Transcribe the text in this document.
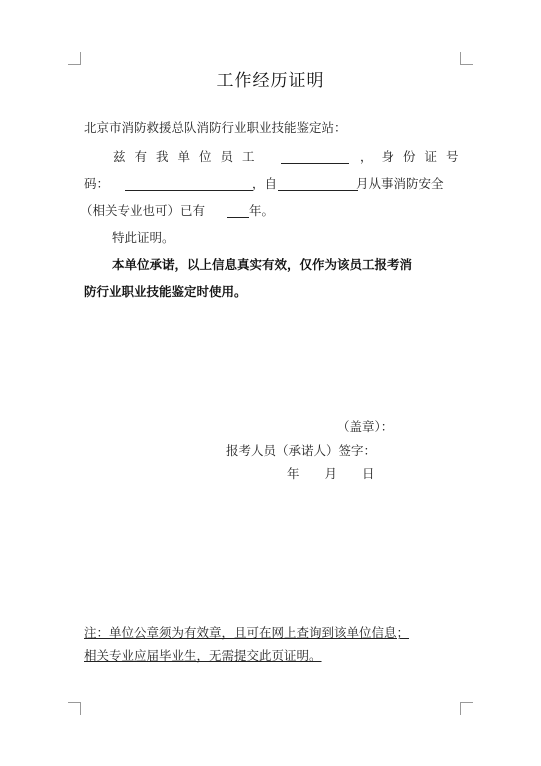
工作经历证明
北京市消防救援总队消防行业职业技能鉴定站：
兹有我单位员工	，身份证号
码：	，自	月从事消防安全
（相关专业也可）已有	年。
特此证明。
本单位承诺，以上信息真实有效，仅作为该员工报考消
防行业职业技能鉴定时使用。
（盖章）：
报考人员（承诺人）签字：
年　　月　　日
注：单位公章须为有效章，且可在网上查询到该单位信息；
相关专业应届毕业生，无需提交此页证明。
